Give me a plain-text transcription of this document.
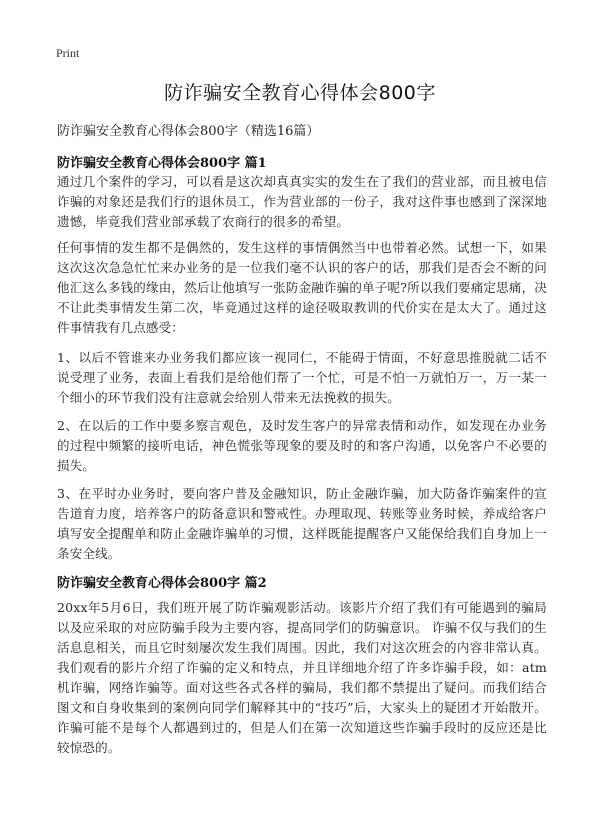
Print
防诈骗安全教育心得体会800字
防诈骗安全教育心得体会800字（精选16篇）
防诈骗安全教育心得体会800字 篇1

通过几个案件的学习，可以看是这次却真真实实的发生在了我们的营业部，而且被电信诈骗的对象还是我们行的退休员工，作为营业部的一份子，我对这件事也感到了深深地遗憾，毕竟我们营业部承载了农商行的很多的希望。

任何事情的发生都不是偶然的，发生这样的事情偶然当中也带着必然。试想一下，如果这次这次急急忙忙来办业务的是一位我们毫不认识的客户的话，那我们是否会不断的问他汇这么多钱的缘由，然后让他填写一张防金融诈骗的单子呢?所以我们要痛定思痛，决不让此类事情发生第二次，毕竟通过这样的途径吸取教训的代价实在是太大了。通过这件事情我有几点感受：

1、以后不管谁来办业务我们都应该一视同仁，不能碍于情面，不好意思推脱就二话不说受理了业务，表面上看我们是给他们帮了一个忙，可是不怕一万就怕万一，万一某一个细小的环节我们没有注意就会给别人带来无法挽救的损失。

2、在以后的工作中要多察言观色，及时发生客户的异常表情和动作，如发现在办业务的过程中频繁的接听电话，神色慌张等现象的要及时的和客户沟通，以免客户不必要的损失。

3、在平时办业务时，要向客户普及金融知识，防止金融诈骗，加大防备诈骗案件的宣告道育力度，培养客户的防备意识和警戒性。办理取现、转账等业务时候，养成给客户填写安全提醒单和防止金融诈骗单的习惯，这样既能提醒客户又能保给我们自身加上一条安全线。

防诈骗安全教育心得体会800字 篇2

20xx年5月6日，我们班开展了防诈骗观影活动。该影片介绍了我们有可能遇到的骗局以及应采取的对应防骗手段为主要内容，提高同学们的防骗意识。 诈骗不仅与我们的生活息息相关，而且它时刻屡次发生我们周围。因此，我们对这次班会的内容非常认真。我们观看的影片介绍了诈骗的定义和特点，并且详细地介绍了许多诈骗手段，如：atm机诈骗，网络诈骗等。面对这些各式各样的骗局，我们都不禁提出了疑问。而我们结合图文和自身收集到的案例向同学们解释其中的“技巧”后，大家头上的疑团才开始散开。诈骗可能不是每个人都遇到过的，但是人们在第一次知道这些诈骗手段时的反应还是比较惊恐的。
